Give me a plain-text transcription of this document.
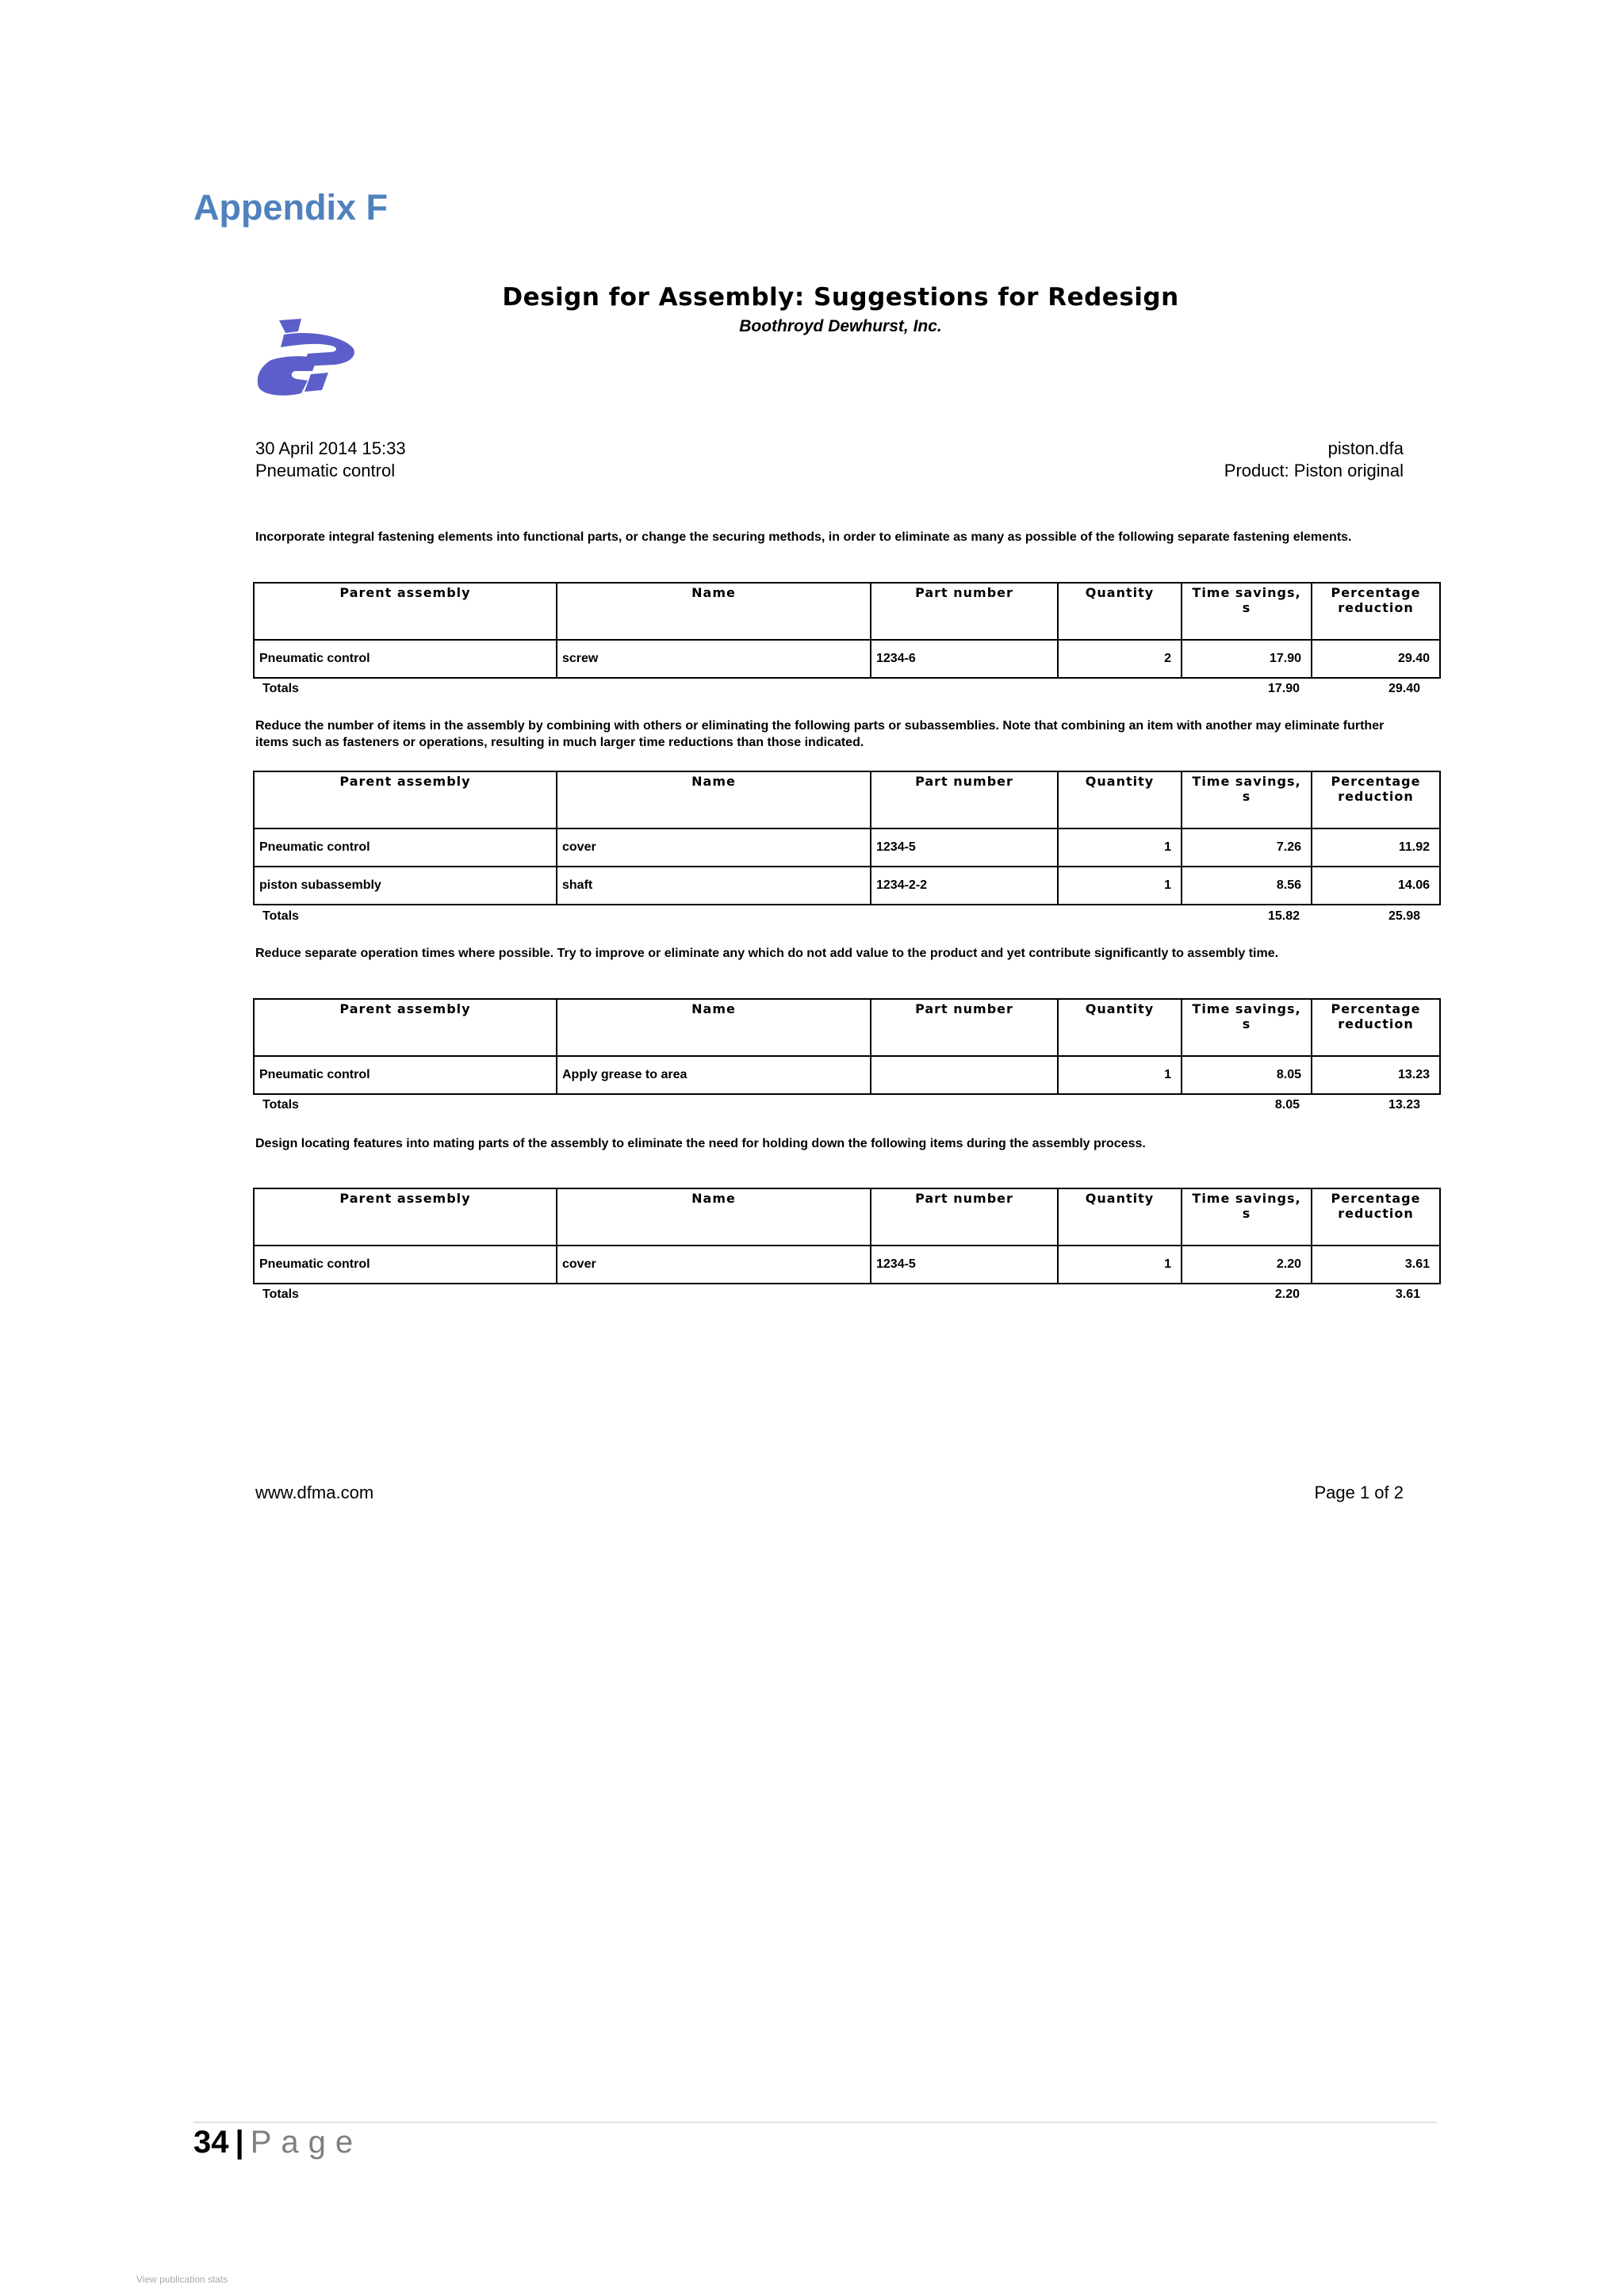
Appendix F
Design for Assembly: Suggestions for Redesign
Boothroyd Dewhurst, Inc.
30 April 2014 15:33
Pneumatic control
piston.dfa
Product: Piston original
Incorporate integral fastening elements into functional parts, or change the securing methods, in order to eliminate as many as possible of the following separate fastening elements.
Parent assembly	Name	Part number	Quantity	Time savings, s	Percentage reduction
Pneumatic control	screw	1234-6	2	17.90	29.40
Totals	17.90	29.40
Reduce the number of items in the assembly by combining with others or eliminating the following parts or subassemblies. Note that combining an item with another may eliminate further items such as fasteners or operations, resulting in much larger time reductions than those indicated.
Parent assembly	Name	Part number	Quantity	Time savings, s	Percentage reduction
Pneumatic control	cover	1234-5	1	7.26	11.92
piston subassembly	shaft	1234-2-2	1	8.56	14.06
Totals	15.82	25.98
Reduce separate operation times where possible. Try to improve or eliminate any which do not add value to the product and yet contribute significantly to assembly time.
Parent assembly	Name	Part number	Quantity	Time savings, s	Percentage reduction
Pneumatic control	Apply grease to area		1	8.05	13.23
Totals	8.05	13.23
Design locating features into mating parts of the assembly to eliminate the need for holding down the following items during the assembly process.
Parent assembly	Name	Part number	Quantity	Time savings, s	Percentage reduction
Pneumatic control	cover	1234-5	1	2.20	3.61
Totals	2.20	3.61
www.dfma.com	Page 1 of 2
34 | Page
View publication stats
